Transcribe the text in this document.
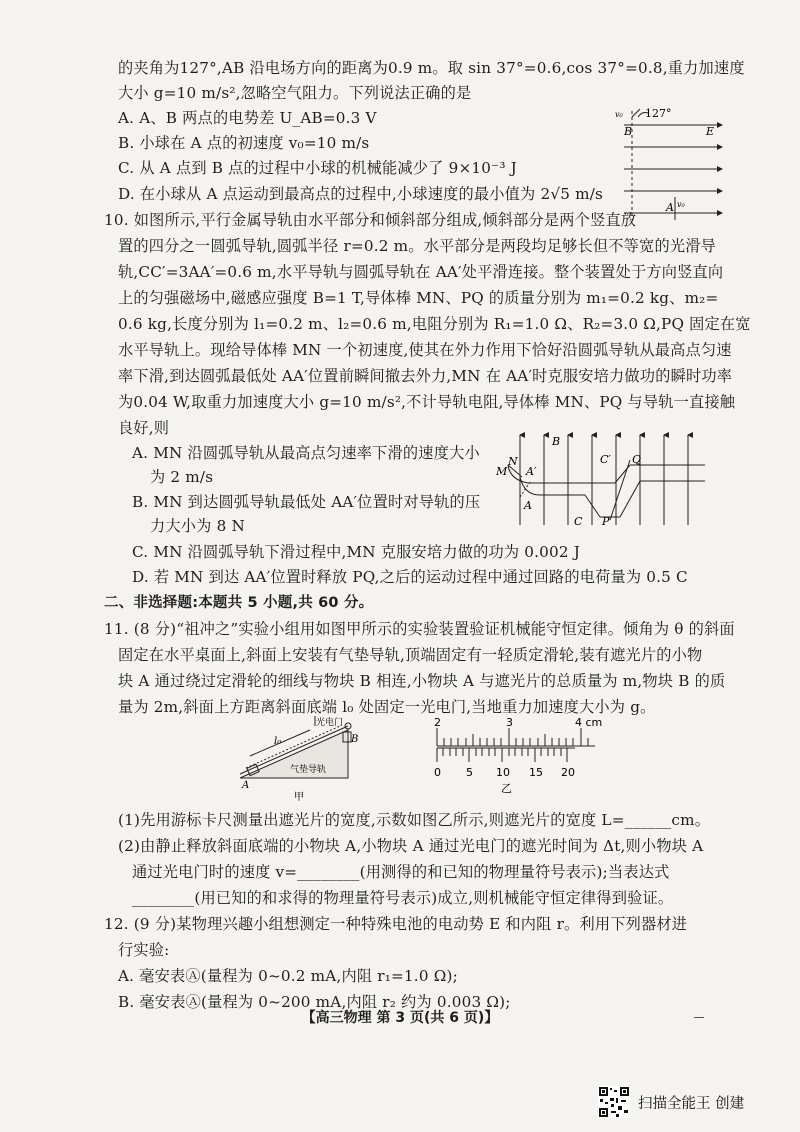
的夹角为127°,AB 沿电场方向的距离为0.9 m。取 sin 37°=0.6,cos 37°=0.8,重力加速度
大小 g=10 m/s²,忽略空气阻力。下列说法正确的是
A. A、B 两点的电势差 U_AB=0.3 V
B. 小球在 A 点的初速度 v₀=10 m/s
C. 从 A 点到 B 点的过程中小球的机械能减少了 9×10⁻³ J
D. 在小球从 A 点运动到最高点的过程中,小球速度的最小值为 2√5 m/s
10. 如图所示,平行金属导轨由水平部分和倾斜部分组成,倾斜部分是两个竖直放
置的四分之一圆弧导轨,圆弧半径 r=0.2 m。水平部分是两段均足够长但不等宽的光滑导
轨,CC′=3AA′=0.6 m,水平导轨与圆弧导轨在 AA′处平滑连接。整个装置处于方向竖直向
上的匀强磁场中,磁感应强度 B=1 T,导体棒 MN、PQ 的质量分别为 m₁=0.2 kg、m₂=
0.6 kg,长度分别为 l₁=0.2 m、l₂=0.6 m,电阻分别为 R₁=1.0 Ω、R₂=3.0 Ω,PQ 固定在宽
水平导轨上。现给导体棒 MN 一个初速度,使其在外力作用下恰好沿圆弧导轨从最高点匀速
率下滑,到达圆弧最低处 AA′位置前瞬间撤去外力,MN 在 AA′时克服安培力做功的瞬时功率
为0.04 W,取重力加速度大小 g=10 m/s²,不计导轨电阻,导体棒 MN、PQ 与导轨一直接触
良好,则
A. MN 沿圆弧导轨从最高点匀速率下滑的速度大小
为 2 m/s
B. MN 到达圆弧导轨最低处 AA′位置时对导轨的压
力大小为 8 N
C. MN 沿圆弧导轨下滑过程中,MN 克服安培力做的功为 0.002 J
D. 若 MN 到达 AA′位置时释放 PQ,之后的运动过程中通过回路的电荷量为 0.5 C
二、非选择题:本题共 5 小题,共 60 分。
11. (8 分)“祖冲之”实验小组用如图甲所示的实验装置验证机械能守恒定律。倾角为 θ 的斜面
固定在水平桌面上,斜面上安装有气垫导轨,顶端固定有一轻质定滑轮,装有遮光片的小物
块 A 通过绕过定滑轮的细线与物块 B 相连,小物块 A 与遮光片的总质量为 m,物块 B 的质
量为 2m,斜面上方距离斜面底端 l₀ 处固定一光电门,当地重力加速度大小为 g。
(1)先用游标卡尺测量出遮光片的宽度,示数如图乙所示,则遮光片的宽度 L=______cm。
(2)由静止释放斜面底端的小物块 A,小物块 A 通过光电门的遮光时间为 Δt,则小物块 A
通过光电门时的速度 v=________(用测得的和已知的物理量符号表示);当表达式
________(用已知的和求得的物理量符号表示)成立,则机械能守恒定律得到验证。
12. (9 分)某物理兴趣小组想测定一种特殊电池的电动势 E 和内阻 r。利用下列器材进
行实验:
A. 毫安表Ⓐ(量程为 0~0.2 mA,内阻 r₁=1.0 Ω);
B. 毫安表Ⓐ(量程为 0~200 mA,内阻 r₂ 约为 0.003 Ω);
127°
v₀
B	E
A v₀
B
M
N
A
A′
C′ Q
C P
光电门
l₀
气垫导轨
A
B
甲
2	3	4 cm
0 5 10 15 20
乙
【高三物理 第 3 页(共 6 页)】
扫描全能王 创建
